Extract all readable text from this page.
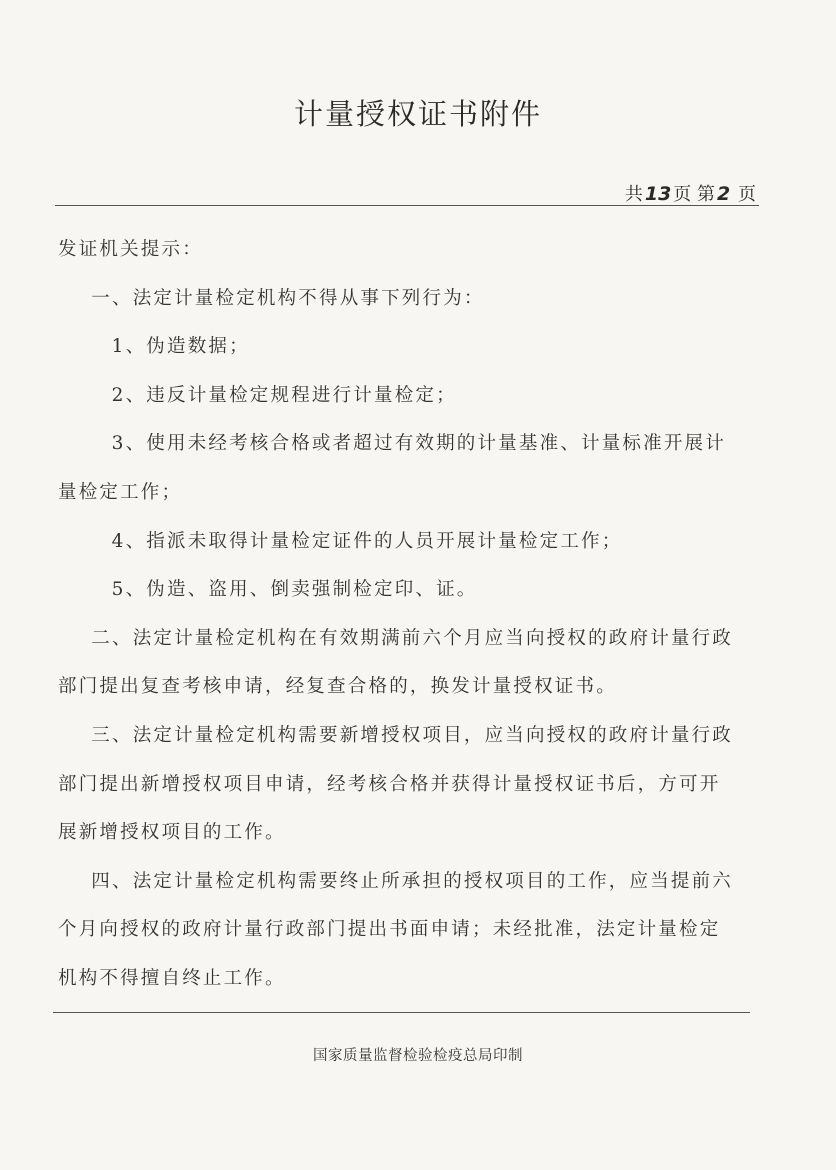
计量授权证书附件
共 13 页 第 2 页

发证机关提示：

一、法定计量检定机构不得从事下列行为：

1、伪造数据；

2、违反计量检定规程进行计量检定；

3、使用未经考核合格或者超过有效期的计量基准、计量标准开展计量检定工作；

4、指派未取得计量检定证件的人员开展计量检定工作；

5、伪造、盗用、倒卖强制检定印、证。

二、法定计量检定机构在有效期满前六个月应当向授权的政府计量行政部门提出复查考核申请，经复查合格的，换发计量授权证书。

三、法定计量检定机构需要新增授权项目，应当向授权的政府计量行政部门提出新增授权项目申请，经考核合格并获得计量授权证书后，方可开展新增授权项目的工作。

四、法定计量检定机构需要终止所承担的授权项目的工作，应当提前六个月向授权的政府计量行政部门提出书面申请；未经批准，法定计量检定机构不得擅自终止工作。

国家质量监督检验检疫总局印制
